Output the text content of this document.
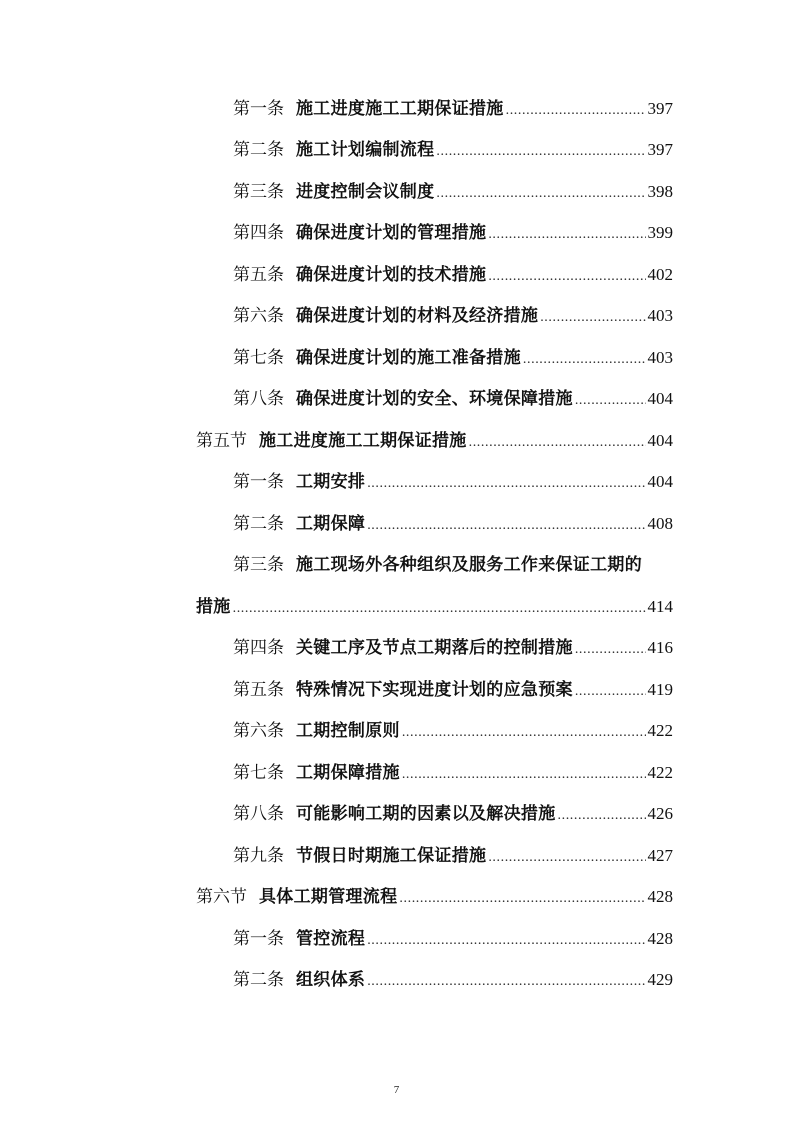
第一条 施工进度施工工期保证措施 .....	397
第二条 施工计划编制流程 .....	397
第三条 进度控制会议制度 .....	398
第四条 确保进度计划的管理措施 .....	399
第五条 确保进度计划的技术措施 .....	402
第六条 确保进度计划的材料及经济措施 .....	403
第七条 确保进度计划的施工准备措施 .....	403
第八条 确保进度计划的安全、环境保障措施 .....	404
第五节 施工进度施工工期保证措施 .....	404
第一条 工期安排 .....	404
第二条 工期保障 .....	408
第三条 施工现场外各种组织及服务工作来保证工期的
措施 .....	414
第四条 关键工序及节点工期落后的控制措施 .....	416
第五条 特殊情况下实现进度计划的应急预案 .....	419
第六条 工期控制原则 .....	422
第七条 工期保障措施 .....	422
第八条 可能影响工期的因素以及解决措施 .....	426
第九条 节假日时期施工保证措施 .....	427
第六节 具体工期管理流程 .....	428
第一条 管控流程 .....	428
第二条 组织体系 .....	429
7
